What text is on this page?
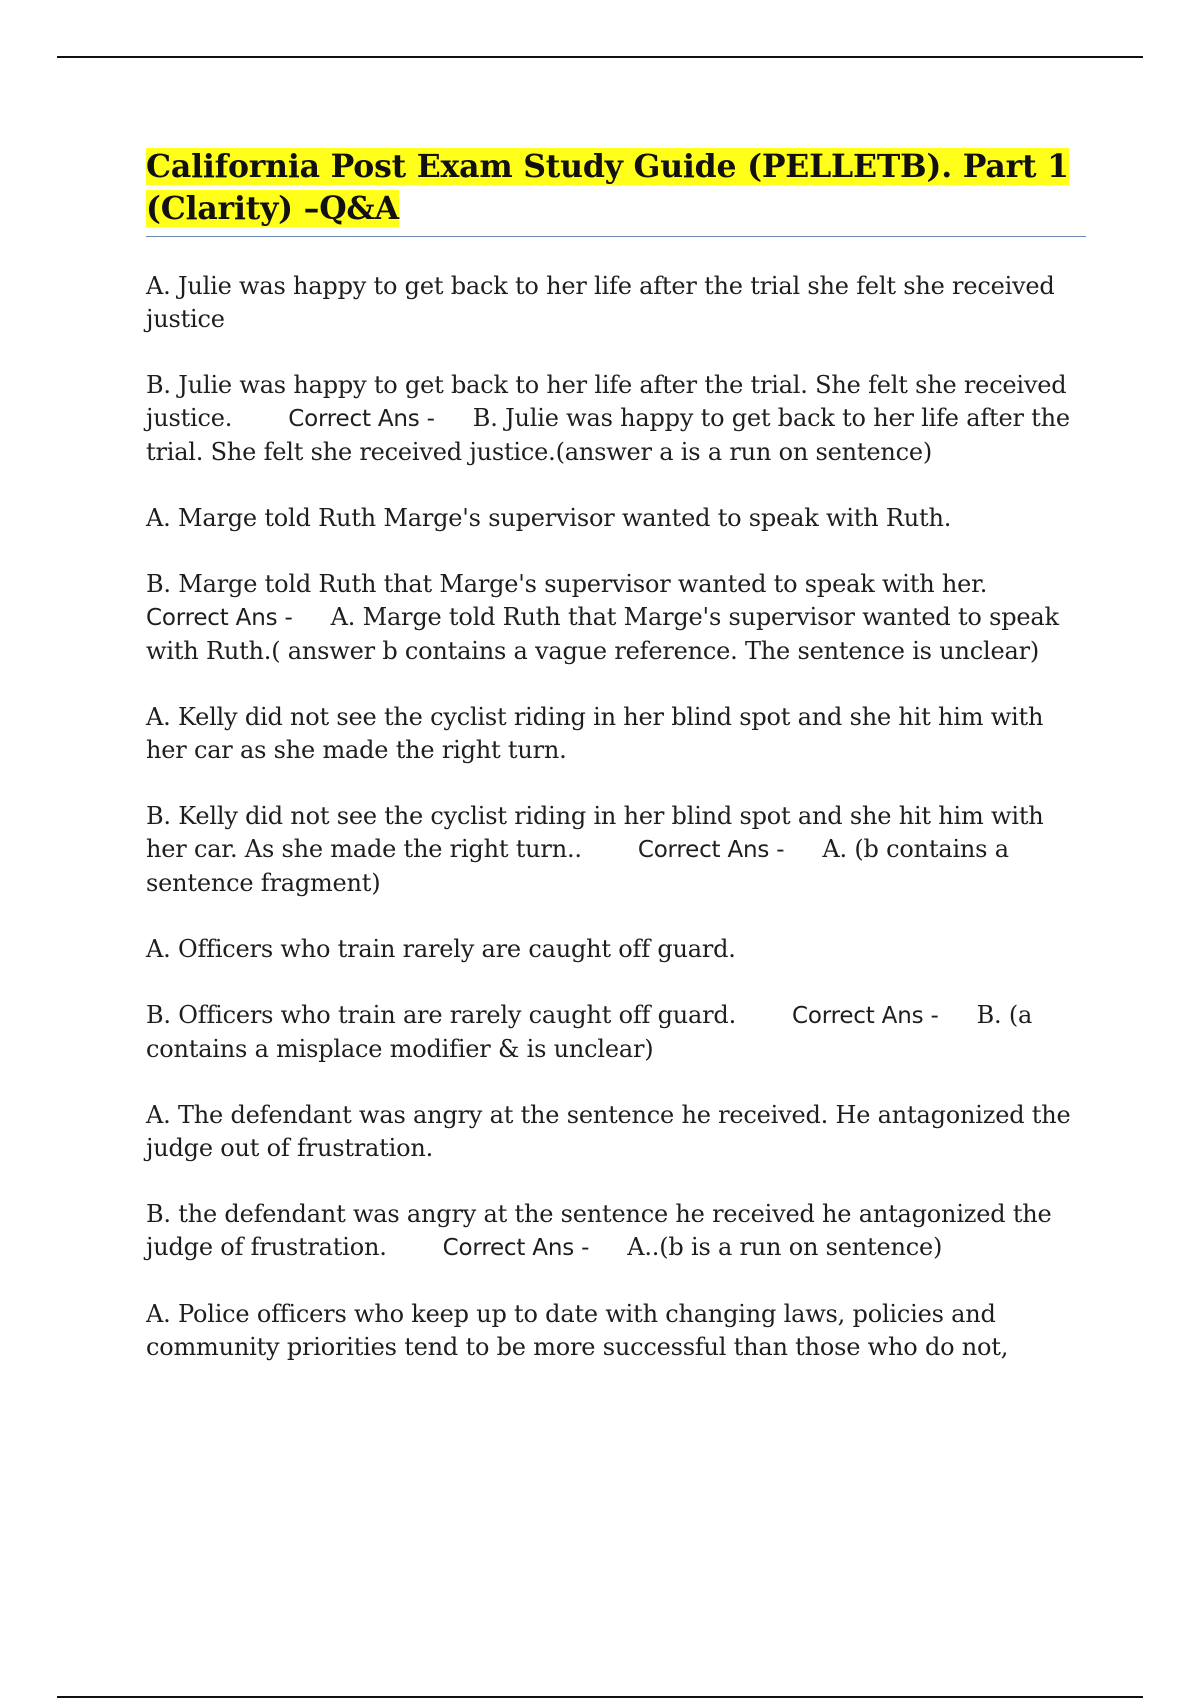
California Post Exam Study Guide (PELLETB). Part 1 (Clarity) –Q&A

A. Julie was happy to get back to her life after the trial she felt she received justice

B. Julie was happy to get back to her life after the trial. She felt she received justice. Correct Ans - B. Julie was happy to get back to her life after the trial. She felt she received justice.(answer a is a run on sentence)

A. Marge told Ruth Marge's supervisor wanted to speak with Ruth.

B. Marge told Ruth that Marge's supervisor wanted to speak with her.
Correct Ans - A. Marge told Ruth that Marge's supervisor wanted to speak with Ruth.( answer b contains a vague reference. The sentence is unclear)

A. Kelly did not see the cyclist riding in her blind spot and she hit him with her car as she made the right turn.

B. Kelly did not see the cyclist riding in her blind spot and she hit him with her car. As she made the right turn.. Correct Ans - A. (b contains a sentence fragment)

A. Officers who train rarely are caught off guard.

B. Officers who train are rarely caught off guard. Correct Ans - B. (a contains a misplace modifier & is unclear)

A. The defendant was angry at the sentence he received. He antagonized the judge out of frustration.

B. the defendant was angry at the sentence he received he antagonized the judge of frustration. Correct Ans - A..(b is a run on sentence)

A. Police officers who keep up to date with changing laws, policies and community priorities tend to be more successful than those who do not,
